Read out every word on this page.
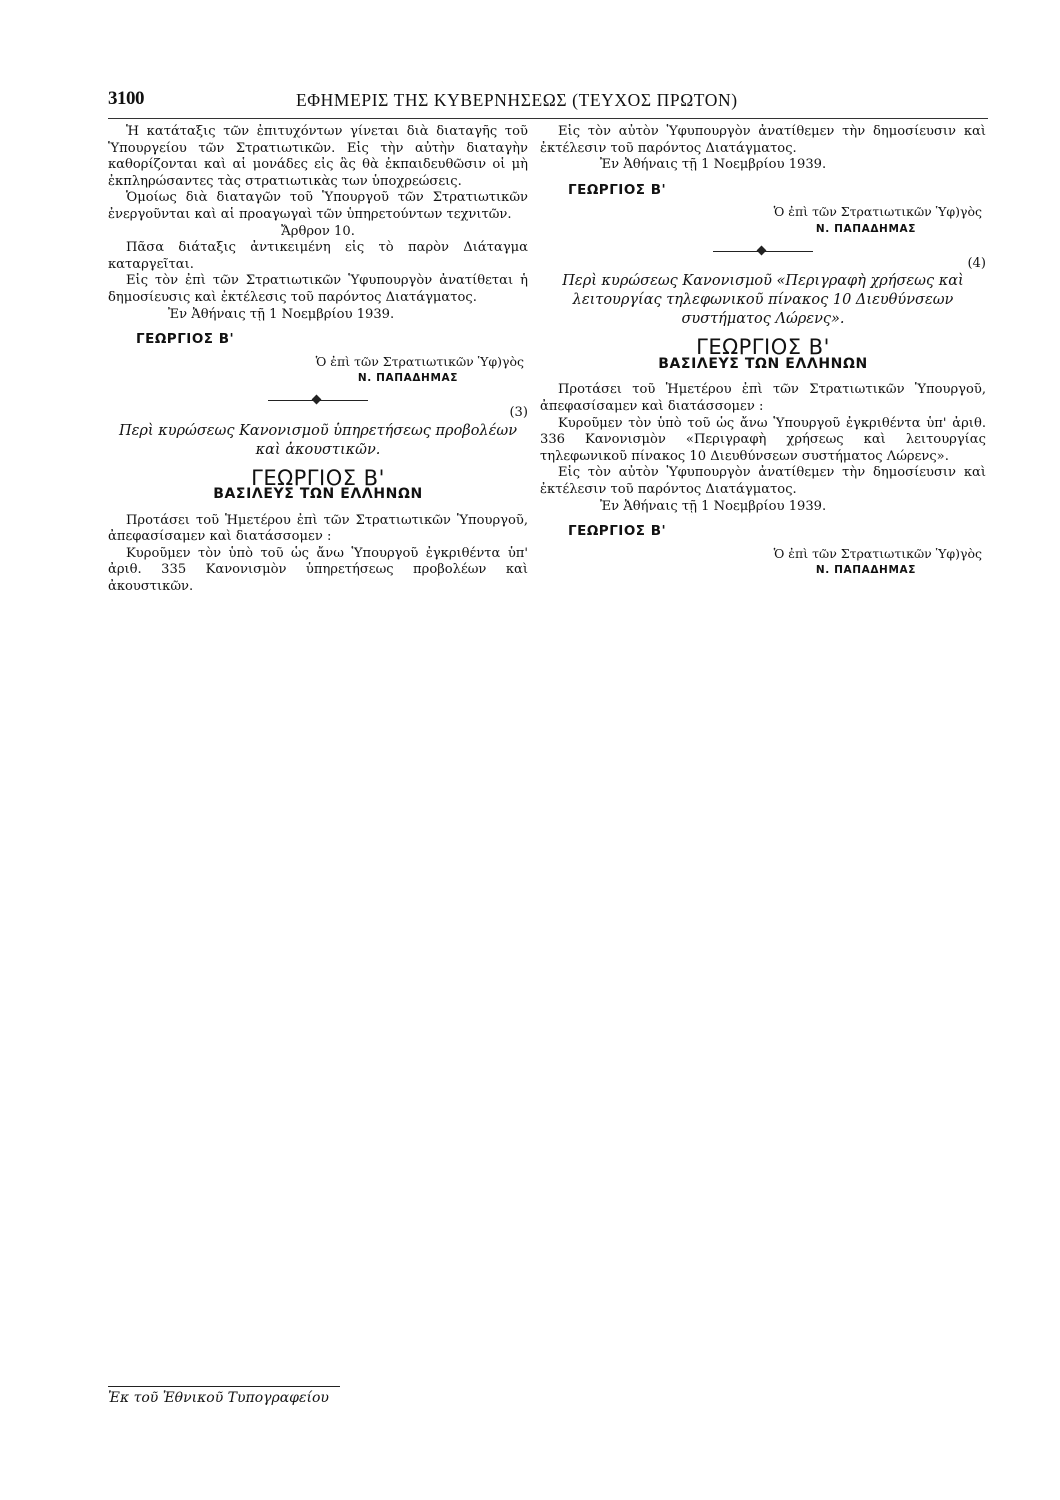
3100	ΕΦΗΜΕΡΙΣ ΤΗΣ ΚΥΒΕΡΝΗΣΕΩΣ (ΤΕΥΧΟΣ ΠΡΩΤΟΝ)

Ἡ κατάταξις τῶν ἐπιτυχόντων γίνεται διὰ διαταγῆς τοῦ Ὑπουργείου τῶν Στρατιωτικῶν. Εἰς τὴν αὐτὴν διαταγὴν καθορίζονται καὶ αἱ μονάδες εἰς ἃς θὰ ἐκπαιδευθῶσιν οἱ μὴ ἐκπληρώσαντες τὰς στρατιωτικὰς των ὑποχρεώσεις.

Ὁμοίως διὰ διαταγῶν τοῦ Ὑπουργοῦ τῶν Στρατιωτικῶν ἐνεργοῦνται καὶ αἱ προαγωγαὶ τῶν ὑπηρετούντων τεχνιτῶν.

Ἄρθρον 10.

Πᾶσα διάταξις ἀντικειμένη εἰς τὸ παρὸν Διάταγμα καταργεῖται.

Εἰς τὸν ἐπὶ τῶν Στρατιωτικῶν Ὑφυπουργὸν ἀνατίθεται ἡ δημοσίευσις καὶ ἐκτέλεσις τοῦ παρόντος Διατάγματος.

Ἐν Ἀθήναις τῇ 1 Νοεμβρίου 1939.

ΓΕΩΡΓΙΟΣ Β'

Ὁ ἐπὶ τῶν Στρατιωτικῶν Ὑφ)γὸς

Ν. ΠΑΠΑΔΗΜΑΣ

(3)

Περὶ κυρώσεως Κανονισμοῦ ὑπηρετήσεως προβολέων καὶ ἀκουστικῶν.

ΓΕΩΡΓΙΟΣ Β'
ΒΑΣΙΛΕΥΣ ΤΩΝ ΕΛΛΗΝΩΝ

Προτάσει τοῦ Ἡμετέρου ἐπὶ τῶν Στρατιωτικῶν Ὑπουργοῦ, ἀπεφασίσαμεν καὶ διατάσσομεν :

Κυροῦμεν τὸν ὑπὸ τοῦ ὡς ἄνω Ὑπουργοῦ ἐγκριθέντα ὑπ' ἀριθ. 335 Κανονισμὸν ὑπηρετήσεως προβολέων καὶ ἀκουστικῶν.

Εἰς τὸν αὐτὸν Ὑφυπουργὸν ἀνατίθεμεν τὴν δημοσίευσιν καὶ ἐκτέλεσιν τοῦ παρόντος Διατάγματος.

Ἐν Ἀθήναις τῇ 1 Νοεμβρίου 1939.

ΓΕΩΡΓΙΟΣ Β'

Ὁ ἐπὶ τῶν Στρατιωτικῶν Ὑφ)γὸς

Ν. ΠΑΠΑΔΗΜΑΣ

(4)

Περὶ κυρώσεως Κανονισμοῦ «Περιγραφὴ χρήσεως καὶ λειτουργίας τηλεφωνικοῦ πίνακος 10 Διευθύνσεων συστήματος Λώρενς».

ΓΕΩΡΓΙΟΣ Β'
ΒΑΣΙΛΕΥΣ ΤΩΝ ΕΛΛΗΝΩΝ

Προτάσει τοῦ Ἡμετέρου ἐπὶ τῶν Στρατιωτικῶν Ὑπουργοῦ, ἀπεφασίσαμεν καὶ διατάσσομεν :

Κυροῦμεν τὸν ὑπὸ τοῦ ὡς ἄνω Ὑπουργοῦ ἐγκριθέντα ὑπ' ἀριθ. 336 Κανονισμὸν «Περιγραφὴ χρήσεως καὶ λειτουργίας τηλεφωνικοῦ πίνακος 10 Διευθύνσεων συστήματος Λώρενς».

Εἰς τὸν αὐτὸν Ὑφυπουργὸν ἀνατίθεμεν τὴν δημοσίευσιν καὶ ἐκτέλεσιν τοῦ παρόντος Διατάγματος.

Ἐν Ἀθήναις τῇ 1 Νοεμβρίου 1939.

ΓΕΩΡΓΙΟΣ Β'

Ὁ ἐπὶ τῶν Στρατιωτικῶν Ὑφ)γὸς

Ν. ΠΑΠΑΔΗΜΑΣ

Ἐκ τοῦ Ἐθνικοῦ Τυπογραφείου
